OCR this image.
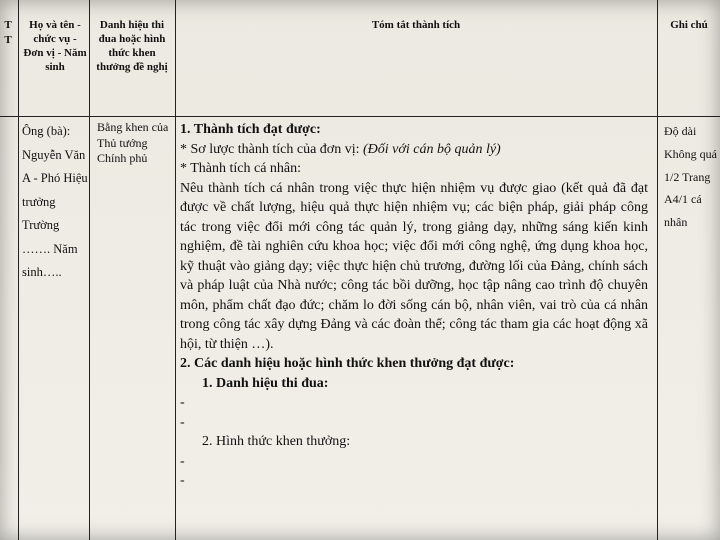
T T
Họ và tên - chức vụ - Đơn vị - Năm sinh
Danh hiệu thi đua hoặc hình thức khen thưởng đề nghị
Tóm tắt thành tích	Ghi chú
Ông (bà): Nguyễn Văn A - Phó Hiệu trưởng Trường ……. Năm sinh…..
Bằng khen của Thủ tướng Chính phủ
Độ dài Không quá 1/2 Trang A4/1 cá nhân
1. Thành tích đạt được:
* Sơ lược thành tích của đơn vị: (Đối với cán bộ quản lý)
* Thành tích cá nhân:
Nêu thành tích cá nhân trong việc thực hiện nhiệm vụ được giao (kết quả đã đạt được về chất lượng, hiệu quả thực hiện nhiệm vụ; các biện pháp, giải pháp công tác trong việc đổi mới công tác quản lý, trong giảng dạy, những sáng kiến kinh nghiệm, đề tài nghiên cứu khoa học; việc đổi mới công nghệ, ứng dụng khoa học, kỹ thuật vào giảng dạy; việc thực hiện chủ trương, đường lối của Đảng, chính sách và pháp luật của Nhà nước; công tác bồi dưỡng, học tập nâng cao trình độ chuyên môn, phẩm chất đạo đức; chăm lo đời sống cán bộ, nhân viên, vai trò của cá nhân trong công tác xây dựng Đảng và các đoàn thể; công tác tham gia các hoạt động xã hội, từ thiện …).
2. Các danh hiệu hoặc hình thức khen thưởng đạt được:
1. Danh hiệu thi đua:
-
-
2. Hình thức khen thưởng:
-
-
